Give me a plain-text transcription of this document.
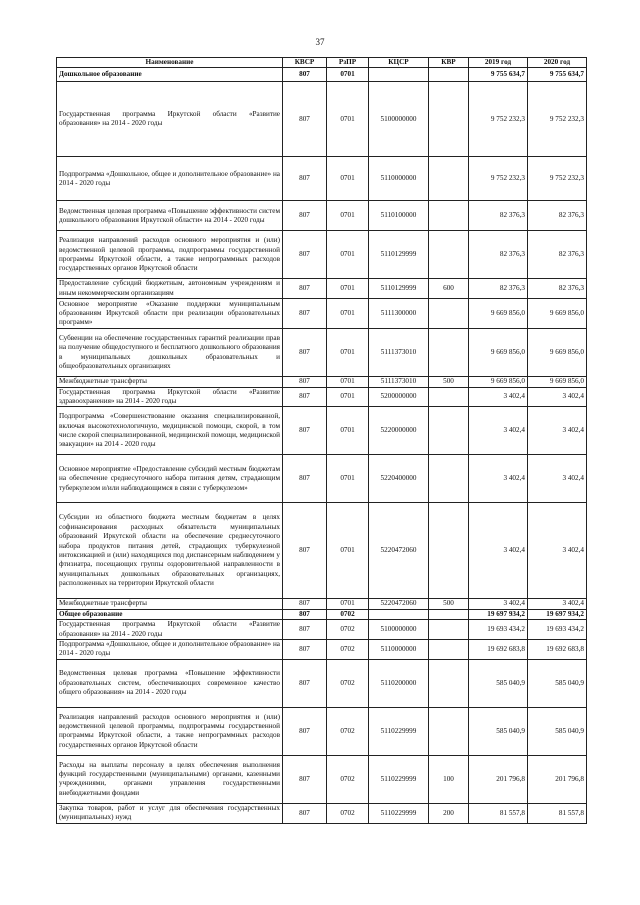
37
Наименование	КВСР	РзПР	КЦСР	КВР	2019 год	2020 год
Дошкольное образование	807	0701			9 755 634,7	9 755 634,7
Государственная программа Иркутской области «Развитие образования» на 2014 - 2020 годы	807	0701	5100000000		9 752 232,3	9 752 232,3
Подпрограмма «Дошкольное, общее и дополнительное образование» на 2014 - 2020 годы	807	0701	5110000000		9 752 232,3	9 752 232,3
Ведомственная целевая программа «Повышение эффективности систем дошкольного образования Иркутской области» на 2014 - 2020 годы	807	0701	5110100000		82 376,3	82 376,3
Реализация направлений расходов основного мероприятия и (или) ведомственной целевой программы, подпрограммы государственной программы Иркутской области, а также непрограммных расходов государственных органов Иркутской области	807	0701	5110129999		82 376,3	82 376,3
Предоставление субсидий бюджетным, автономным учреждениям и иным некоммерческим организациям	807	0701	5110129999	600	82 376,3	82 376,3
Основное мероприятие «Оказание поддержки муниципальным образованиям Иркутской области при реализации образовательных программ»	807	0701	5111300000		9 669 856,0	9 669 856,0
Субвенции на обеспечение государственных гарантий реализации прав на получение общедоступного и бесплатного дошкольного образования в муниципальных дошкольных образовательных и общеобразовательных организациях	807	0701	5111373010		9 669 856,0	9 669 856,0
Межбюджетные трансферты	807	0701	5111373010	500	9 669 856,0	9 669 856,0
Государственная программа Иркутской области «Развитие здравоохранения» на 2014 - 2020 годы	807	0701	5200000000		3 402,4	3 402,4
Подпрограмма «Совершенствование оказания специализированной, включая высокотехнологичную, медицинской помощи, скорой, в том числе скорой специализированной, медицинской помощи, медицинской эвакуации» на 2014 - 2020 годы	807	0701	5220000000		3 402,4	3 402,4
Основное мероприятие «Предоставление субсидий местным бюджетам на обеспечение среднесуточного набора питания детям, страдающим туберкулезом и/или наблюдающимся в связи с туберкулезом»	807	0701	5220400000		3 402,4	3 402,4
Субсидии из областного бюджета местным бюджетам в целях софинансирования расходных обязательств муниципальных образований Иркутской области на обеспечение среднесуточного набора продуктов питания детей, страдающих туберкулезной интоксикацией и (или) находящихся под диспансерным наблюдением у фтизиатра, посещающих группы оздоровительной направленности в муниципальных дошкольных образовательных организациях, расположенных на территории Иркутской области	807	0701	5220472060		3 402,4	3 402,4
Межбюджетные трансферты	807	0701	5220472060	500	3 402,4	3 402,4
Общее образование	807	0702			19 697 934,2	19 697 934,2
Государственная программа Иркутской области «Развитие образования» на 2014 - 2020 годы	807	0702	5100000000		19 693 434,2	19 693 434,2
Подпрограмма «Дошкольное, общее и дополнительное образование» на 2014 - 2020 годы	807	0702	5110000000		19 692 683,8	19 692 683,8
Ведомственная целевая программа «Повышение эффективности образовательных систем, обеспечивающих современное качество общего образования» на 2014 - 2020 годы	807	0702	5110200000		585 040,9	585 040,9
Реализация направлений расходов основного мероприятия и (или) ведомственной целевой программы, подпрограммы государственной программы Иркутской области, а также непрограммных расходов государственных органов Иркутской области	807	0702	5110229999		585 040,9	585 040,9
Расходы на выплаты персоналу в целях обеспечения выполнения функций государственными (муниципальными) органами, казенными учреждениями, органами управления государственными внебюджетными фондами	807	0702	5110229999	100	201 796,8	201 796,8
Закупка товаров, работ и услуг для обеспечения государственных (муниципальных) нужд	807	0702	5110229999	200	81 557,8	81 557,8
